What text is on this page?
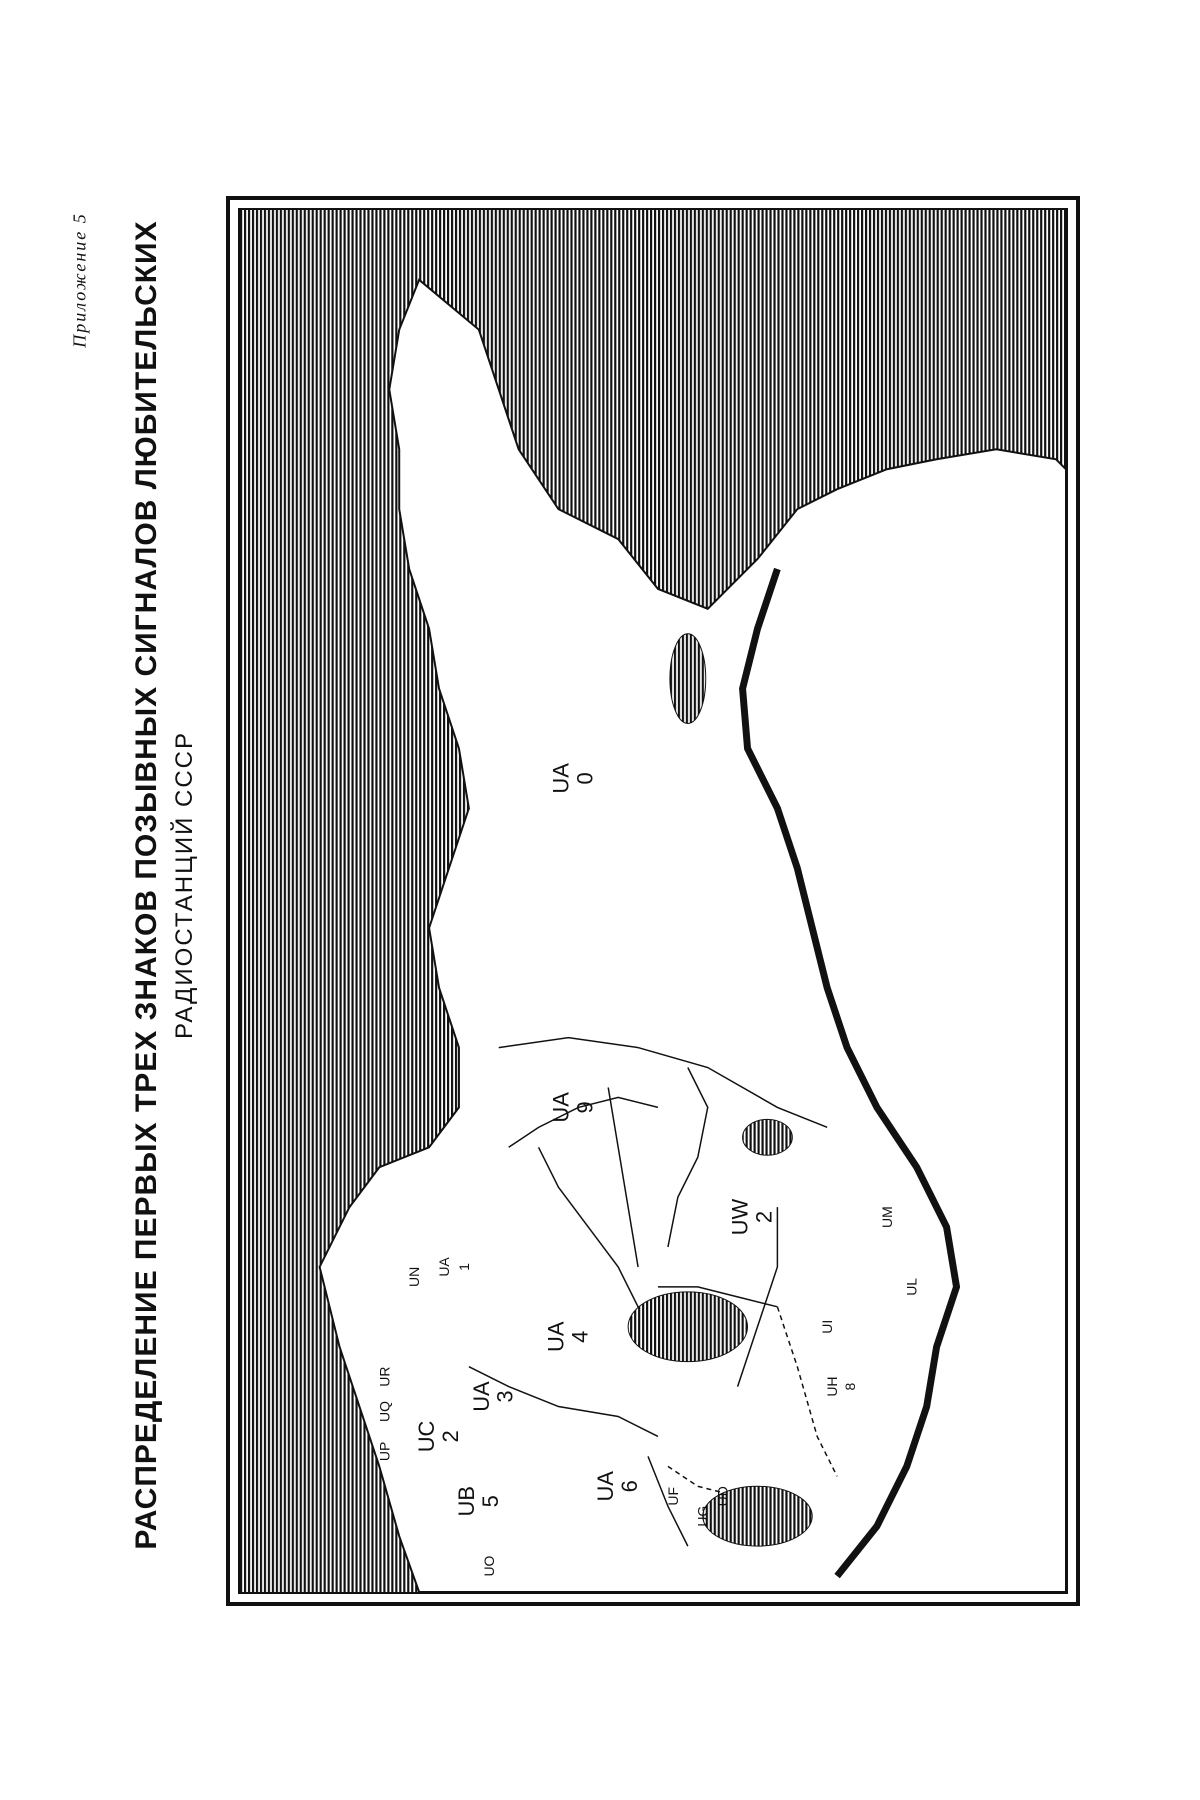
Приложение 5 РАСПРЕДЕЛЕНИЕ ПЕРВЫХ ТРЕХ ЗНАКОВ ПОЗЫВНЫХ СИГНАЛОВ ЛЮБИТЕЛЬСКИХ РАДИОСТАНЦИЙ СССР	UA
0
UA
9
UW
2	UM
UN UA 1
UA
4
UA
3
UL
UI
UH 8
UC
2
UB
5	UA
6
UP
UQ
UR
UF
UG
UD
UO
